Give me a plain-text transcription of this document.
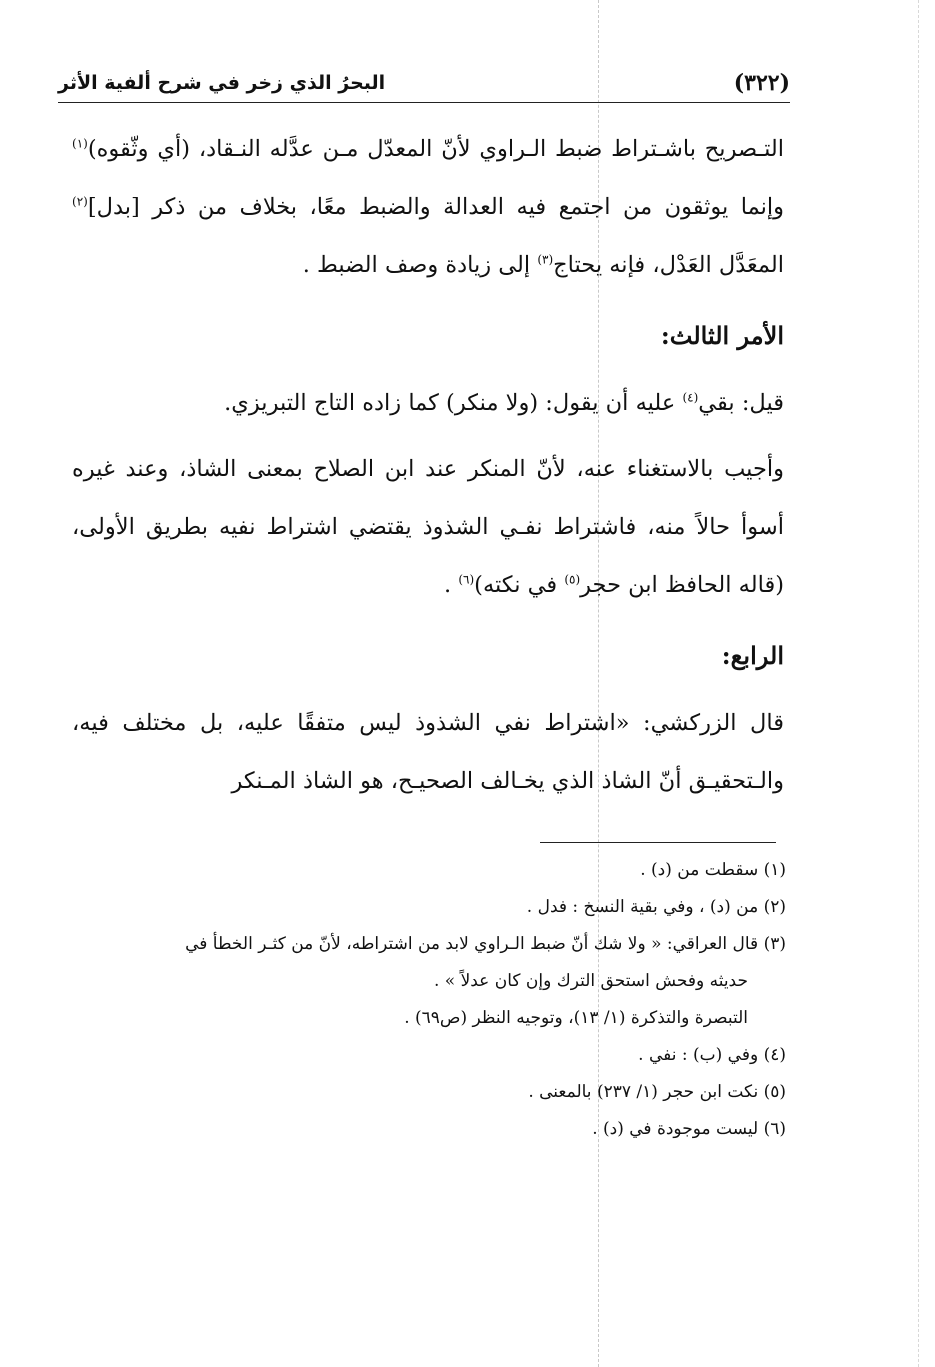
(٣٢٢)
البحرُ الذي زخر في شرح ألفية الأثر

التـصريح باشـتراط ضبط الـراوي لأنّ المعدّل مـن عدَّله النـقاد، (أي وثّقوه)$^{(١)}$ وإنما يوثقون من اجتمع فيه العدالة والضبط معًا، بخلاف من ذكر [بدل]$^{(٢)}$ المعَدَّل العَدْل، فإنه يحتاج$^{(٣)}$ إلى زيادة وصف الضبط .

الأمر الثالث:

قيل: بقي$^{(٤)}$ عليه أن يقول: (ولا منكر) كما زاده التاج التبريزي.

وأجيب بالاستغناء عنه، لأنّ المنكر عند ابن الصلاح بمعنى الشاذ، وعند غيره أسوأ حالاً منه، فاشتراط نفـي الشذوذ يقتضي اشتراط نفيه بطريق الأولى، (قاله الحافظ ابن حجر$^{(٥)}$ في نكته)$^{(٦)}$ .

الرابع:

قال الزركشي: «اشتراط نفي الشذوذ ليس متفقًا عليه، بل مختلف فيه، والـتحقيـق أنّ الشاذ الذي يخـالف الصحيـح، هو الشاذ المـنكر

(١) سقطت من (د) .

(٢) من (د) ، وفي بقية النسخ : فدل .

(٣) قال العراقي: « ولا شك أنّ ضبط الـراوي لابد من اشتراطه، لأنّ من كثـر الخطأ في

حديثه وفحش استحق الترك وإن كان عدلاً » .

التبصرة والتذكرة (١/ ١٣)، وتوجيه النظر (ص٦٩) .

(٤) وفي (ب) : نفي .

(٥) نكت ابن حجر (١/ ٢٣٧) بالمعنى .

(٦) ليست موجودة في (د) .
